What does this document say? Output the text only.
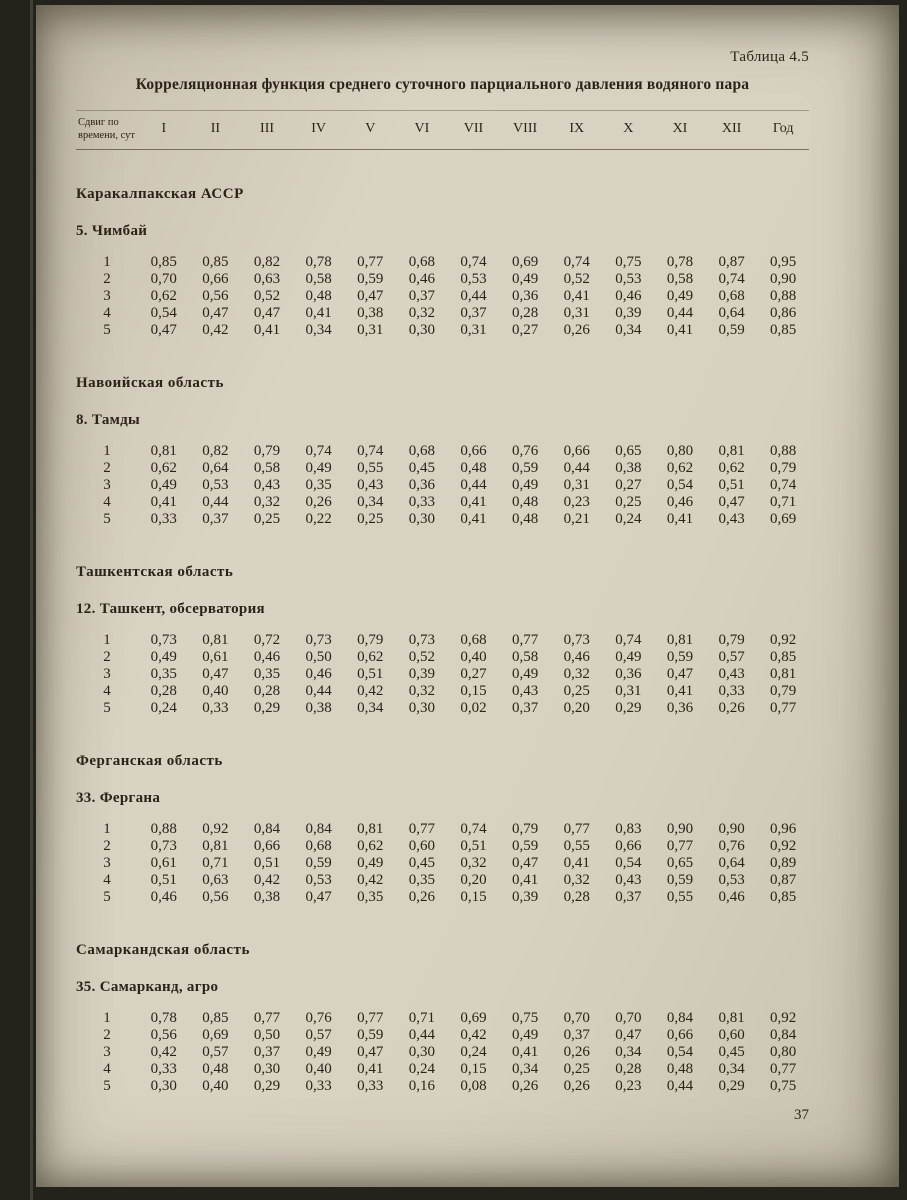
Таблица 4.5
Корреляционная функция среднего суточного парциального давления водяного пара
Сдвиг по времени, сут	I	II	III	IV	V	VI	VII	VIII	IX	X	XI	XII	Год
Каракалпакская АССР
5. Чимбай
1	0,85	0,85	0,82	0,78	0,77	0,68	0,74	0,69	0,74	0,75	0,78	0,87	0,95
2	0,70	0,66	0,63	0,58	0,59	0,46	0,53	0,49	0,52	0,53	0,58	0,74	0,90
3	0,62	0,56	0,52	0,48	0,47	0,37	0,44	0,36	0,41	0,46	0,49	0,68	0,88
4	0,54	0,47	0,47	0,41	0,38	0,32	0,37	0,28	0,31	0,39	0,44	0,64	0,86
5	0,47	0,42	0,41	0,34	0,31	0,30	0,31	0,27	0,26	0,34	0,41	0,59	0,85
Навоийская область
8. Тамды
1	0,81	0,82	0,79	0,74	0,74	0,68	0,66	0,76	0,66	0,65	0,80	0,81	0,88
2	0,62	0,64	0,58	0,49	0,55	0,45	0,48	0,59	0,44	0,38	0,62	0,62	0,79
3	0,49	0,53	0,43	0,35	0,43	0,36	0,44	0,49	0,31	0,27	0,54	0,51	0,74
4	0,41	0,44	0,32	0,26	0,34	0,33	0,41	0,48	0,23	0,25	0,46	0,47	0,71
5	0,33	0,37	0,25	0,22	0,25	0,30	0,41	0,48	0,21	0,24	0,41	0,43	0,69
Ташкентская область
12. Ташкент, обсерватория
1	0,73	0,81	0,72	0,73	0,79	0,73	0,68	0,77	0,73	0,74	0,81	0,79	0,92
2	0,49	0,61	0,46	0,50	0,62	0,52	0,40	0,58	0,46	0,49	0,59	0,57	0,85
3	0,35	0,47	0,35	0,46	0,51	0,39	0,27	0,49	0,32	0,36	0,47	0,43	0,81
4	0,28	0,40	0,28	0,44	0,42	0,32	0,15	0,43	0,25	0,31	0,41	0,33	0,79
5	0,24	0,33	0,29	0,38	0,34	0,30	0,02	0,37	0,20	0,29	0,36	0,26	0,77
Ферганская область
33. Фергана
1	0,88	0,92	0,84	0,84	0,81	0,77	0,74	0,79	0,77	0,83	0,90	0,90	0,96
2	0,73	0,81	0,66	0,68	0,62	0,60	0,51	0,59	0,55	0,66	0,77	0,76	0,92
3	0,61	0,71	0,51	0,59	0,49	0,45	0,32	0,47	0,41	0,54	0,65	0,64	0,89
4	0,51	0,63	0,42	0,53	0,42	0,35	0,20	0,41	0,32	0,43	0,59	0,53	0,87
5	0,46	0,56	0,38	0,47	0,35	0,26	0,15	0,39	0,28	0,37	0,55	0,46	0,85
Самаркандская область
35. Самарканд, агро
1	0,78	0,85	0,77	0,76	0,77	0,71	0,69	0,75	0,70	0,70	0,84	0,81	0,92
2	0,56	0,69	0,50	0,57	0,59	0,44	0,42	0,49	0,37	0,47	0,66	0,60	0,84
3	0,42	0,57	0,37	0,49	0,47	0,30	0,24	0,41	0,26	0,34	0,54	0,45	0,80
4	0,33	0,48	0,30	0,40	0,41	0,24	0,15	0,34	0,25	0,28	0,48	0,34	0,77
5	0,30	0,40	0,29	0,33	0,33	0,16	0,08	0,26	0,26	0,23	0,44	0,29	0,75
37
